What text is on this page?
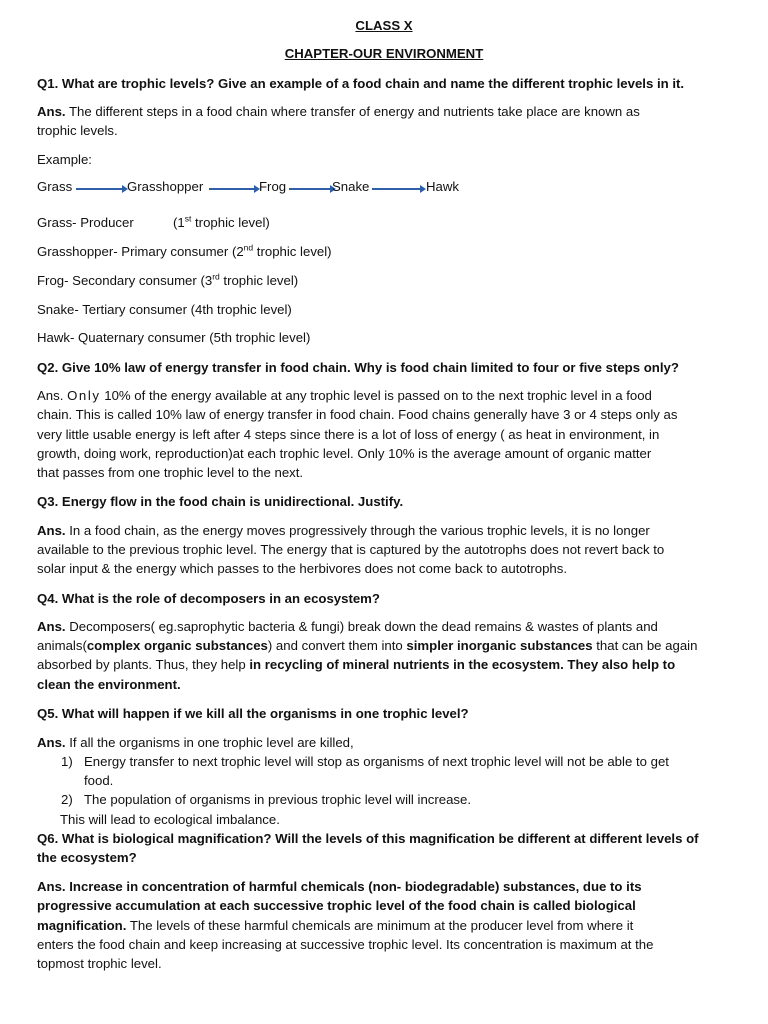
CLASS X
CHAPTER-OUR ENVIRONMENT
Q1. What are trophic levels? Give an example of a food chain and name the different trophic levels in it.
Ans. The different steps in a food chain where transfer of energy and nutrients take place are known as
trophic levels.
Example:
Grass	Grasshopper	Frog	Snake	Hawk
Grass- Producer	(1st trophic level)
Grasshopper- Primary consumer (2nd trophic level)
Frog- Secondary consumer (3rd trophic level)
Snake- Tertiary consumer (4th trophic level)
Hawk- Quaternary consumer (5th trophic level)
Q2. Give 10% law of energy transfer in food chain. Why is food chain limited to four or five steps only?
Ans. Only 10% of the energy available at any trophic level is passed on to the next trophic level in a food
chain. This is called 10% law of energy transfer in food chain. Food chains generally have 3 or 4 steps only as
very little usable energy is left after 4 steps since there is a lot of loss of energy ( as heat in environment, in
growth, doing work, reproduction)at each trophic level. Only 10% is the average amount of organic matter
that passes from one trophic level to the next.
Q3. Energy flow in the food chain is unidirectional. Justify.
Ans. In a food chain, as the energy moves progressively through the various trophic levels, it is no longer
available to the previous trophic level. The energy that is captured by the autotrophs does not revert back to
solar input & the energy which passes to the herbivores does not come back to autotrophs.
Q4. What is the role of decomposers in an ecosystem?
Ans. Decomposers( eg.saprophytic bacteria & fungi) break down the dead remains & wastes of plants and
animals(complex organic substances) and convert them into simpler inorganic substances that can be again
absorbed by plants. Thus, they help in recycling of mineral nutrients in the ecosystem. They also help to
clean the environment.
Q5. What will happen if we kill all the organisms in one trophic level?
Ans. If all the organisms in one trophic level are killed,
1) Energy transfer to next trophic level will stop as organisms of next trophic level will not be able to get
food.
2) The population of organisms in previous trophic level will increase.
This will lead to ecological imbalance.
Q6. What is biological magnification? Will the levels of this magnification be different at different levels of
the ecosystem?
Ans. Increase in concentration of harmful chemicals (non- biodegradable) substances, due to its
progressive accumulation at each successive trophic level of the food chain is called biological
magnification. The levels of these harmful chemicals are minimum at the producer level from where it
enters the food chain and keep increasing at successive trophic level. Its concentration is maximum at the
topmost trophic level.
